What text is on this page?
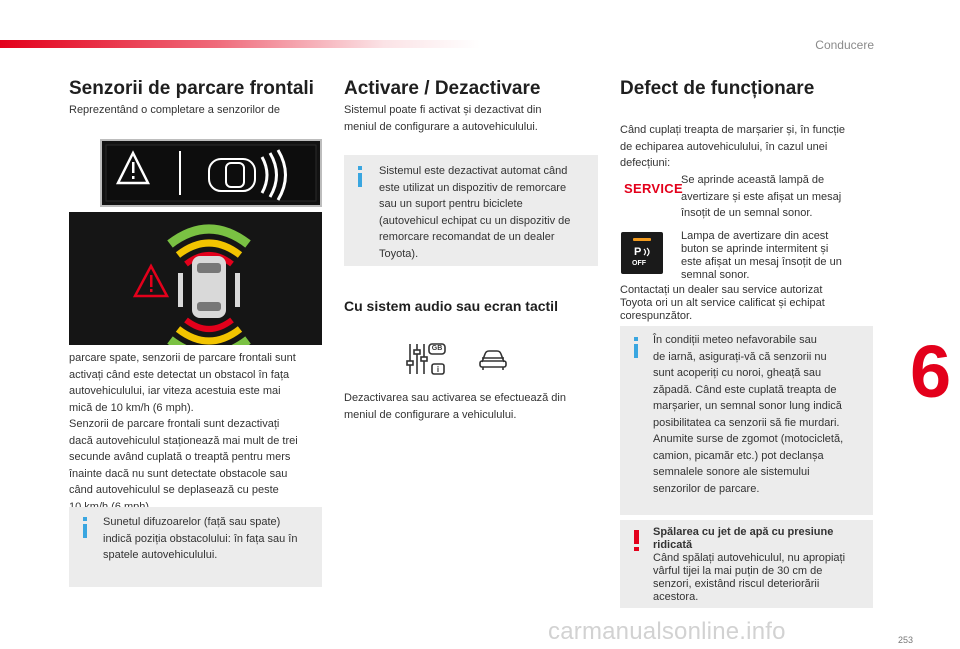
Conducere
6
253
carmanualsonline.info
Senzorii de parcare frontali
Reprezentând o completare a senzorilor de
parcare spate, senzorii de parcare frontali sunt
activați când este detectat un obstacol în fața
autovehiculului, iar viteza acestuia este mai
mică de 10 km/h (6 mph).
Senzorii de parcare frontali sunt dezactivați
dacă autovehiculul staționează mai mult de trei
secunde având cuplată o treaptă pentru mers
înainte dacă nu sunt detectate obstacole sau
când autovehiculul se deplasează cu peste
Sunetul difuzoarelor (față sau spate)
indică poziția obstacolului: în fața sau în
spatele autovehiculului.
Activare / Dezactivare
Sistemul poate fi activat și dezactivat din
meniul de configurare a autovehiculului.
Sistemul este dezactivat automat când
este utilizat un dispozitiv de remorcare
sau un suport pentru biciclete
(autovehicul echipat cu un dispozitiv de
remorcare recomandat de un dealer
Toyota).
Cu sistem audio sau ecran tactil
GB
i
Dezactivarea sau activarea se efectuează din
meniul de configurare a vehiculului.
Defect de funcționare
Când cuplați treapta de marșarier și, în funcție
de echiparea autovehiculului, în cazul unei
defecțiuni:
SERVICE
Se aprinde această lampă de
avertizare și este afișat un mesaj
însoțit de un semnal sonor.
P
OFF
Lampa de avertizare din acest
buton se aprinde intermitent și
este afișat un mesaj însoțit de un
semnal sonor.
Contactați un dealer sau service autorizat
Toyota ori un alt service calificat și echipat
corespunzător.
În condiții meteo nefavorabile sau
de iarnă, asigurați-vă că senzorii nu
sunt acoperiți cu noroi, gheață sau
zăpadă. Când este cuplată treapta de
marșarier, un semnal sonor lung indică
posibilitatea ca senzorii să fie murdari.
Anumite surse de zgomot (motocicletă,
camion, picamăr etc.) pot declanșa
semnalele sonore ale sistemului
senzorilor de parcare.
Spălarea cu jet de apă cu presiune
ridicată
Când spălați autovehiculul, nu apropiați
vârful tijei la mai puțin de 30 cm de
senzori, existând riscul deteriorării
acestora.
